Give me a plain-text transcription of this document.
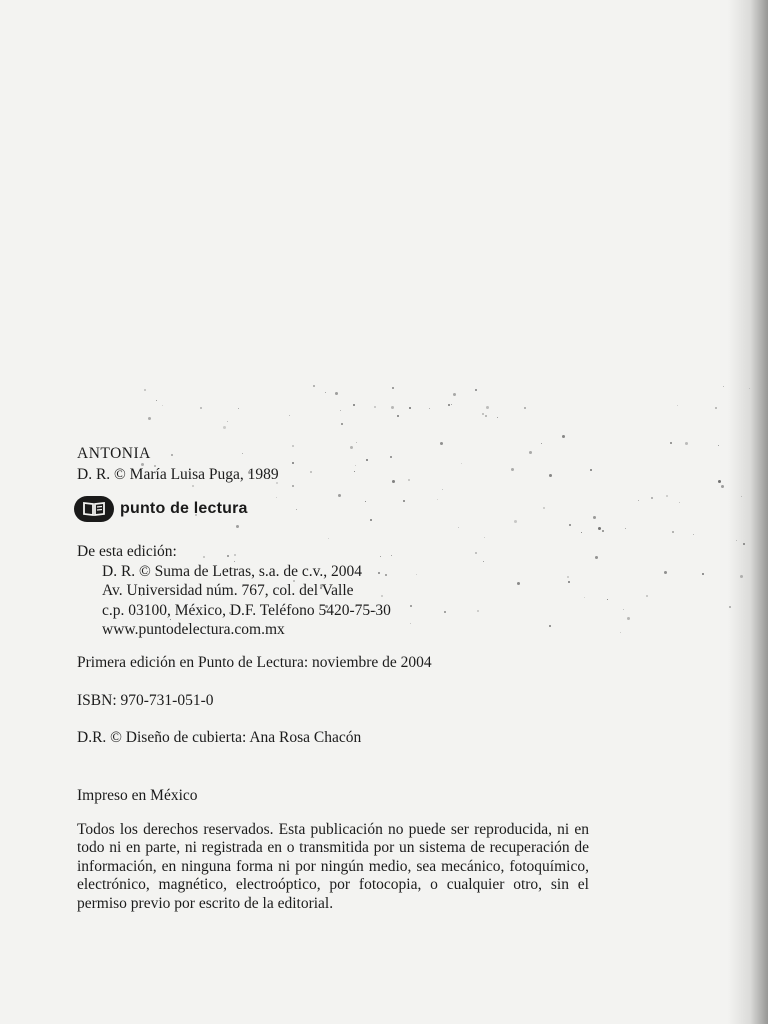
ANTONIA
D. R. © María Luisa Puga, 1989
punto de lectura
De esta edición:
D. R. © Suma de Letras, s.a. de c.v., 2004
Av. Universidad núm. 767, col. del Valle
c.p. 03100, México, D.F. Teléfono 5420-75-30
www.puntodelectura.com.mx
Primera edición en Punto de Lectura: noviembre de 2004
ISBN: 970-731-051-0
D.R. © Diseño de cubierta: Ana Rosa Chacón
Impreso en México
Todos los derechos reservados. Esta publicación no puede ser reproducida, ni en todo ni en parte, ni registrada en o transmitida por un sistema de recuperación de información, en ninguna forma ni por ningún medio, sea mecánico, fotoquímico, electrónico, magnético, electroóptico, por fotocopia, o cualquier otro, sin el permiso previo por escrito de la editorial.
